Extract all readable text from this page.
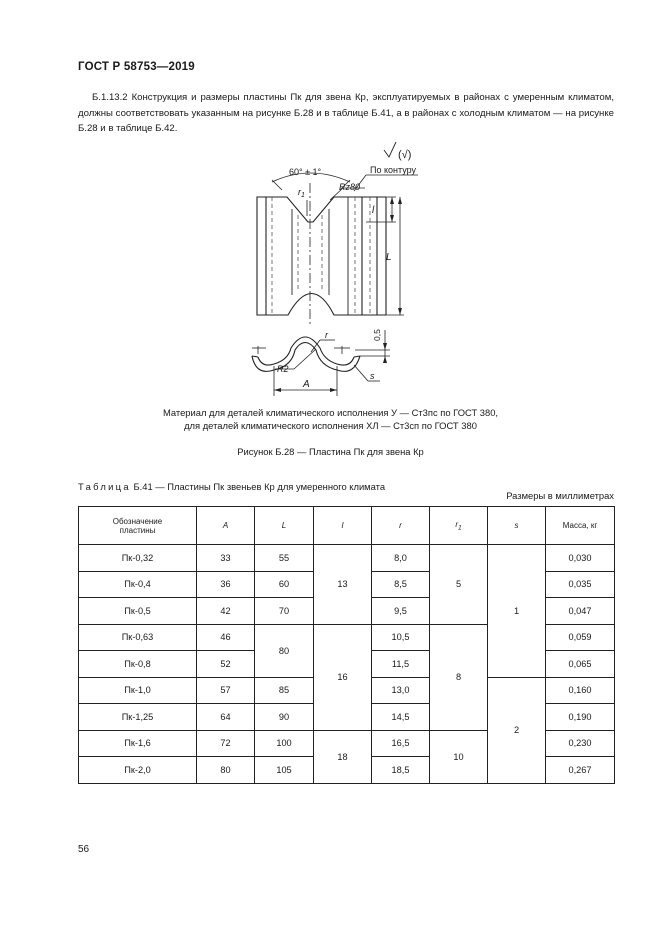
ГОСТ Р 58753—2019
Б.1.13.2 Конструкция и размеры пластины Пк для звена Кр, эксплуатируемых в районах с умеренным климатом, должны соответствовать указанным на рисунке Б.28 и в таблице Б.41, а в районах с холодным климатом — на рисунке Б.28 и в таблице Б.42.
(√)
60° ± 1°
Rz80
По контуру
$r_1$
l
L
r	0,5
R2
A
s
Материал для деталей климатического исполнения У — Ст3пс по ГОСТ 380,
для деталей климатического исполнения ХЛ — Ст3сп по ГОСТ 380
Рисунок Б.28 — Пластина Пк для звена Кр
Таблица Б.41 — Пластины Пк звеньев Кр для умеренного климата
Размеры в миллиметрах
Обозначение
пластины	A	L	l	r	$r_1$	s	Масса, кг
Пк-0,32	33	55	13	8,0	5	1	0,030
Пк-0,4	36	60		8,5			0,035
Пк-0,5	42	70		9,5			0,047
Пк-0,63	46	80	16	10,5	8		0,059
Пк-0,8	52			11,5			0,065
Пк-1,0	57	85		13,0		2	0,160
Пк-1,25	64	90		14,5			0,190
Пк-1,6	72	100	18	16,5	10		0,230
Пк-2,0	80	105		18,5			0,267
56
